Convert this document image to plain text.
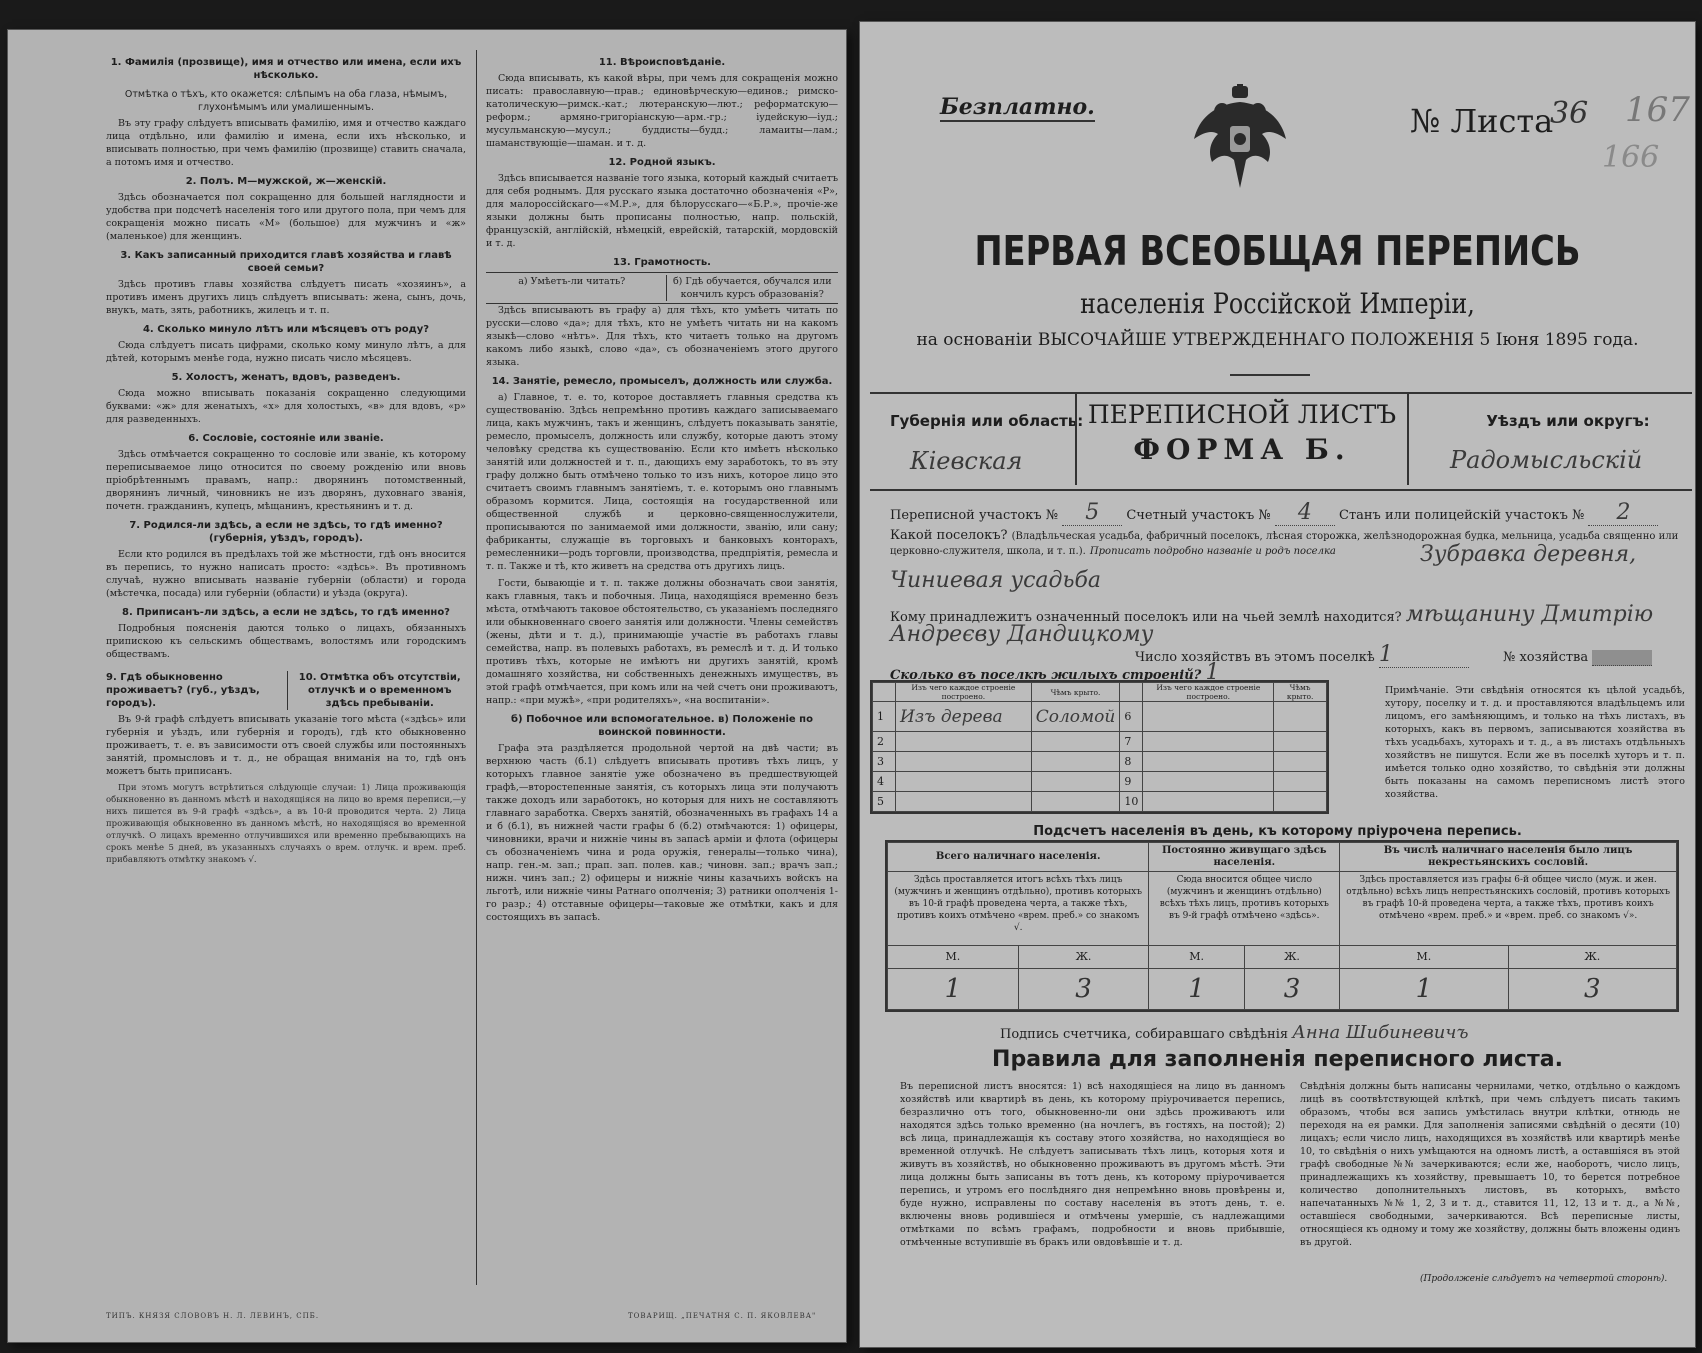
1. Фамилія (прозвище), имя и отчество или имена, если ихъ нѣсколько.
Отмѣтка о тѣхъ, кто окажется: слѣпымъ на оба глаза, нѣмымъ, глухонѣмымъ или умалишеннымъ.

Въ эту графу слѣдуетъ вписывать фамилію, имя и отчество каждаго лица отдѣльно, или фамилію и имена, если ихъ нѣсколько, и вписывать полностью, при чемъ фамилію (прозвище) ставить сначала, а потомъ имя и отчество.

2. Полъ. М—мужской, ж—женскій.

Здѣсь обозначается пол сокращенно для большей наглядности и удобства при подсчетѣ населенія того или другого пола, при чемъ для сокращенія можно писать «М» (большое) для мужчинъ и «ж» (маленькое) для женщинъ.

3. Какъ записанный приходится главѣ хозяйства и главѣ своей семьи?

Здѣсь противъ главы хозяйства слѣдуетъ писать «хозяинъ», а противъ именъ другихъ лицъ слѣдуетъ вписывать: жена, сынъ, дочь, внукъ, мать, зять, работникъ, жилецъ и т. п.

4. Сколько минуло лѣтъ или мѣсяцевъ отъ роду?

Сюда слѣдуетъ писать цифрами, сколько кому минуло лѣтъ, а для дѣтей, которымъ менѣе года, нужно писать число мѣсяцевъ.

5. Холостъ, женатъ, вдовъ, разведенъ.

Сюда можно вписывать показанія сокращенно следующими буквами: «ж» для женатыхъ, «х» для холостыхъ, «в» для вдовъ, «р» для разведенныхъ.

6. Сословіе, состояніе или званіе.

Здѣсь отмѣчается сокращенно то сословіе или званіе, къ которому переписываемое лицо относится по своему рожденію или вновь пріобрѣтеннымъ правамъ, напр.: дворянинъ потомственный, дворянинъ личный, чиновникъ не изъ дворянъ, духовнаго званія, почетн. гражданинъ, купецъ, мѣщанинъ, крестьянинъ и т. д.

7. Родился-ли здѣсь, а если не здѣсь, то гдѣ именно? (губернія, уѣздъ, городъ).

Если кто родился въ предѣлахъ той же мѣстности, гдѣ онъ вносится въ перепись, то нужно написать просто: «здѣсь». Въ противномъ случаѣ, нужно вписывать названіе губерніи (области) и города (мѣстечка, посада) или губерніи (области) и уѣзда (округа).

8. Приписанъ-ли здѣсь, а если не здѣсь, то гдѣ именно?

Подробныя поясненія даются только о лицахъ, обязанныхъ припискою къ сельскимъ обществамъ, волостямъ или городскимъ обществамъ.

9. Гдѣ обыкновенно проживаетъ? (губ., уѣздъ, городъ).
10. Отмѣтка объ отсутствіи, отлучкѣ и о временномъ здѣсь пребываніи.

Въ 9-й графѣ слѣдуетъ вписывать указаніе того мѣста («здѣсь» или губернія и уѣздъ, или губернія и городъ), гдѣ кто обыкновенно проживаетъ, т. е. въ зависимости отъ своей службы или постоянныхъ занятій, промысловъ и т. д., не обращая вниманія на то, гдѣ онъ можетъ быть приписанъ.

При этомъ могутъ встрѣтиться слѣдующіе случаи: 1) Лица проживающія обыкновенно въ данномъ мѣстѣ и находящіяся на лицо во время переписи,—у нихъ пишется въ 9-й графѣ «здѣсь», а въ 10-й проводится черта. 2) Лица проживающія обыкновенно въ данномъ мѣстѣ, но находящіяся во временной отлучкѣ. О лицахъ временно отлучившихся или временно пребывающихъ на срокъ менѣе 5 дней, въ указанныхъ случаяхъ о врем. отлучк. и врем. преб. прибавляютъ отмѣтку знакомъ √.

11. Вѣроисповѣданіе.

Сюда вписывать, къ какой вѣры, при чемъ для сокращенія можно писать: православную—прав.; единовѣрческую—единов.; римско-католическую—римск.-кат.; лютеранскую—лют.; реформатскую—реформ.; армяно-григоріанскую—арм.-гр.; іудейскую—іуд.; мусульманскую—мусул.; буддисты—будд.; ламаиты—лам.; шаманствующіе—шаман. и т. д.

12. Родной языкъ.

Здѣсь вписывается названіе того языка, который каждый считаетъ для себя роднымъ. Для русскаго языка достаточно обозначенія «Р», для малороссійскаго—«М.Р.», для бѣлорусскаго—«Б.Р.», прочіе-же языки должны быть прописаны полностью, напр. польскій, французскій, англійскій, нѣмецкій, еврейскій, татарскій, мордовскій и т. д.

13. Грамотность.
а) Умѣетъ-ли читать?	б) Гдѣ обучается, обучался или кончилъ курсъ образованія?

Здѣсь вписываютъ въ графу а) для тѣхъ, кто умѣетъ читать по русски—слово «да»; для тѣхъ, кто не умѣетъ читать ни на какомъ языкѣ—слово «нѣтъ». Для тѣхъ, кто читаетъ только на другомъ какомъ либо языкѣ, слово «да», съ обозначеніемъ этого другого языка.

14. Занятіе, ремесло, промыселъ, должность или служба.

а) Главное, т. е. то, которое доставляетъ главныя средства къ существованію. Здѣсь непремѣнно противъ каждаго записываемаго лица, какъ мужчинъ, такъ и женщинъ, слѣдуетъ показывать занятіе, ремесло, промыселъ, должность или службу, которые даютъ этому человѣку средства къ существованію. Если кто имѣетъ нѣсколько занятій или должностей и т. п., дающихъ ему заработокъ, то въ эту графу должно быть отмѣчено только то изъ нихъ, которое лицо это считаетъ своимъ главнымъ занятіемъ, т. е. которымъ оно главнымъ образомъ кормится. Лица, состоящія на государственной или общественной службѣ и церковно-священнослужители, прописываются по занимаемой ими должности, званію, или сану; фабриканты, служащіе въ торговыхъ и банковыхъ конторахъ, ремесленники—родъ торговли, производства, предпріятія, ремесла и т. п. Также и тѣ, кто живетъ на средства отъ другихъ лицъ.

Гости, бывающіе и т. п. также должны обозначать свои занятія, какъ главныя, такъ и побочныя. Лица, находящіяся временно безъ мѣста, отмѣчаютъ таковое обстоятельство, съ указаніемъ последняго или обыкновеннаго своего занятія или должности. Члены семействъ (жены, дѣти и т. д.), принимающіе участіе въ работахъ главы семейства, напр. въ полевыхъ работахъ, въ ремеслѣ и т. д. И только противъ тѣхъ, которые не имѣютъ ни другихъ занятій, кромѣ домашняго хозяйства, ни собственныхъ денежныхъ имуществъ, въ этой графѣ отмѣчается, при комъ или на чей счетъ они проживаютъ, напр.: «при мужѣ», «при родителяхъ», «на воспитаніи».

б) Побочное или вспомогательное. в) Положеніе по воинской повинности.

Графа эта раздѣляется продольной чертой на двѣ части; въ верхнюю часть (б.1) слѣдуетъ вписывать противъ тѣхъ лицъ, у которыхъ главное занятіе уже обозначено въ предшествующей графѣ,—второстепенные занятія, съ которыхъ лица эти получаютъ также доходъ или заработокъ, но которыя для нихъ не составляютъ главнаго заработка. Сверхъ занятій, обозначенныхъ въ графахъ 14 а и б (б.1), въ нижней части графы б (б.2) отмѣчаются: 1) офицеры, чиновники, врачи и нижніе чины въ запасѣ арміи и флота (офицеры съ обозначеніемъ чина и рода оружія, генералы—только чина), напр. ген.-м. зап.; прап. зап. полев. кав.; чиновн. зап.; врачъ зап.; нижн. чинъ зап.; 2) офицеры и нижніе чины казачьихъ войскъ на льготѣ, или нижніе чины Ратнаго ополченія; 3) ратники ополченія 1-го разр.; 4) отставные офицеры—таковые же отмѣтки, какъ и для состоящихъ въ запасѣ.

ТИПЪ. КНЯЗЯ СЛОВОВЪ Н. Л. ЛЕВИНЪ, СПБ.	ТОВАРИЩ. „ПЕЧАТНЯ С. П. ЯКОВЛЕВА"
Безплатно.	№ Листа
36 167
166
ПЕРВАЯ ВСЕОБЩАЯ ПЕРЕПИСЬ
населенія Россійской Имперіи,
на основаніи ВЫСОЧАЙШЕ УТВЕРЖДЕННАГО ПОЛОЖЕНІЯ 5 Іюня 1895 года.
Губернія или область:
Кіевская
ПЕРЕПИСНОЙ ЛИСТЪ
ФОРМА Б.
Уѣздъ или округъ:
Радомысльскій
Переписной участокъ № 5 Счетный участокъ № 4 Станъ или полицейскій участокъ № 2
Какой поселокъ? (Владѣльческая усадьба, фабричный поселокъ, лѣсная сторожка, желѣзнодорожная будка, мельница, усадьба священно или церковно-служителя, школа, и т. п.). Прописать подробно названіе и родъ поселка	Зубравка деревня,
Чиниевая усадьба
Кому принадлежитъ означенный поселокъ или на чьей землѣ находится? мѣщанину Дмитрію
Андреєву Дандицкому
Число хозяйствъ въ этомъ поселкѣ 1	№ хозяйства
Сколько въ поселкѣ жилыхъ строеній? 1
	Изъ чего каждое строеніе построено.	Чѣмъ крыто.		Изъ чего каждое строеніе построено.	Чѣмъ крыто.
1	Изъ дерева	Соломой	6		
2			7		
3			8		
4			9		
5			10		
Примѣчаніе. Эти свѣдѣнія относятся къ цѣлой усадьбѣ, хутору, поселку и т. д. и проставляются владѣльцемъ или лицомъ, его замѣняющимъ, и только на тѣхъ листахъ, въ которыхъ, какъ въ первомъ, записываются хозяйства въ тѣхъ усадьбахъ, хуторахъ и т. д., а въ листахъ отдѣльныхъ хозяйствъ не пишутся. Если же въ поселкѣ хуторъ и т. п. имѣется только одно хозяйство, то свѣдѣнія эти должны быть показаны на самомъ переписномъ листѣ этого хозяйства.
Подсчетъ населенія въ день, къ которому пріурочена перепись.
Всего наличнаго населенія.		Постоянно живущаго здѣсь населенія.		Въ числѣ наличнаго населенія было лицъ некрестьянскихъ сословій.	
Здѣсь проставляется итогъ всѣхъ тѣхъ лицъ (мужчинъ и женщинъ отдѣльно), противъ которыхъ въ 10-й графѣ проведена черта, а также тѣхъ, противъ коихъ отмѣчено «врем. преб.» со знакомъ √.		Сюда вносится общее число (мужчинъ и женщинъ отдѣльно) всѣхъ тѣхъ лицъ, противъ которыхъ въ 9-й графѣ отмѣчено «здѣсь».		Здѣсь проставляется изъ графы 6-й общее число (муж. и жен. отдѣльно) всѣхъ лицъ непрестьянскихъ сословій, противъ которыхъ въ графѣ 10-й проведена черта, а также тѣхъ, противъ коихъ отмѣчено «врем. преб.» и «врем. преб. со знакомъ √».	
М.	Ж.	М.	Ж.	М.	Ж.
1	3	1	3	1	3
Подпись счетчика, собиравшаго свѣдѣнія Анна Шибиневичъ
Правила для заполненія переписного листа.
Въ переписной листъ вносятся: 1) всѣ находящіеся на лицо въ данномъ хозяйствѣ или квартирѣ въ день, къ которому пріурочивается перепись, безразлично отъ того, обыкновенно-ли они здѣсь проживаютъ или находятся здѣсь только временно (на ночлегъ, въ гостяхъ, на постой); 2) всѣ лица, принадлежащія къ составу этого хозяйства, но находящіеся во временной отлучкѣ. Не слѣдуетъ записывать тѣхъ лицъ, которыя хотя и живутъ въ хозяйствѣ, но обыкновенно проживаютъ въ другомъ мѣстѣ. Эти лица должны быть записаны въ тотъ день, къ которому пріурочивается перепись, и утромъ его послѣдняго дня непремѣнно вновь провѣрены и, буде нужно, исправлены по составу населенія въ этотъ день, т. е. включены вновь родившіеся и отмѣчены умершіе, съ надлежащими отмѣтками по всѣмъ графамъ, подробности и вновь прибывшіе, отмѣченные вступившіе въ бракъ или овдовѣвшіе и т. д.
Свѣдѣнія должны быть написаны чернилами, четко, отдѣльно о каждомъ лицѣ въ соотвѣтствующей клѣткѣ, при чемъ слѣдуетъ писать такимъ образомъ, чтобы вся запись умѣстилась внутри клѣтки, отнюдь не переходя на ея рамки. Для заполненія записями свѣдѣній о десяти (10) лицахъ; если число лицъ, находящихся въ хозяйствѣ или квартирѣ менѣе 10, то свѣдѣнія о нихъ умѣщаются на одномъ листѣ, а оставшіяся въ этой графѣ свободные №№ зачеркиваются; если же, наоборотъ, число лицъ, принадлежащихъ къ хозяйству, превышаетъ 10, то берется потребное количество дополнительныхъ листовъ, въ которыхъ, вмѣсто напечатанныхъ №№ 1, 2, 3 и т. д., ставится 11, 12, 13 и т. д., а №№, оставшіеся свободными, зачеркиваются. Всѣ переписные листы, относящіеся къ одному и тому же хозяйству, должны быть вложены одинъ въ другой.
(Продолженіе слѣдуетъ на четвертой сторонѣ).
